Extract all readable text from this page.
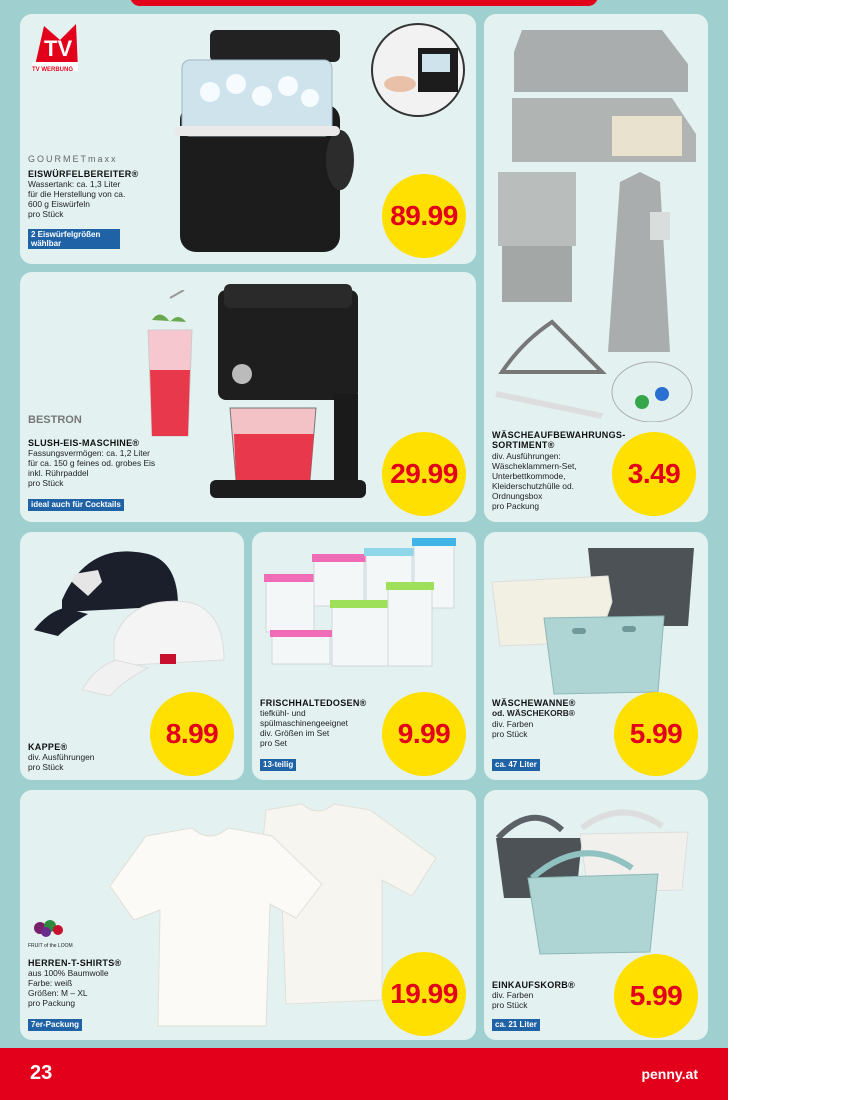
TV
TV WERBUNG
GOURMETmaxx
EISWÜRFELBEREITER®
Wassertank: ca. 1,3 Liter
für die Herstellung von ca.
600 g Eiswürfeln
pro Stück
2 Eiswürfelgrößen wählbar
89.99
BESTRON
SLUSH-EIS-MASCHINE®
Fassungsvermögen: ca. 1,2 Liter
für ca. 150 g feines od. grobes Eis
inkl. Rührpaddel
pro Stück
ideal auch für Cocktails
29.99
WÄSCHEAUFBEWAHRUNGS-
SORTIMENT®
div. Ausführungen:
Wäscheklammern-Set,
Unterbettkommode,
Kleiderschutzhülle od.
Ordnungsbox
pro Packung
3.49
KAPPE®
div. Ausführungen
pro Stück
8.99
FRISCHHALTEDOSEN®
tiefkühl- und
spülmaschinengeeignet
div. Größen im Set
pro Set
13-teilig
9.99
WÄSCHEWANNE®
od. WÄSCHEKORB®
div. Farben
pro Stück
ca. 47 Liter
5.99
FRUIT of the LOOM
HERREN-T-SHIRTS®
aus 100% Baumwolle
Farbe: weiß
Größen: M – XL
pro Packung
7er-Packung
19.99	EINKAUFSKORB®
div. Farben
pro Stück
ca. 21 Liter
5.99
23	penny.at
